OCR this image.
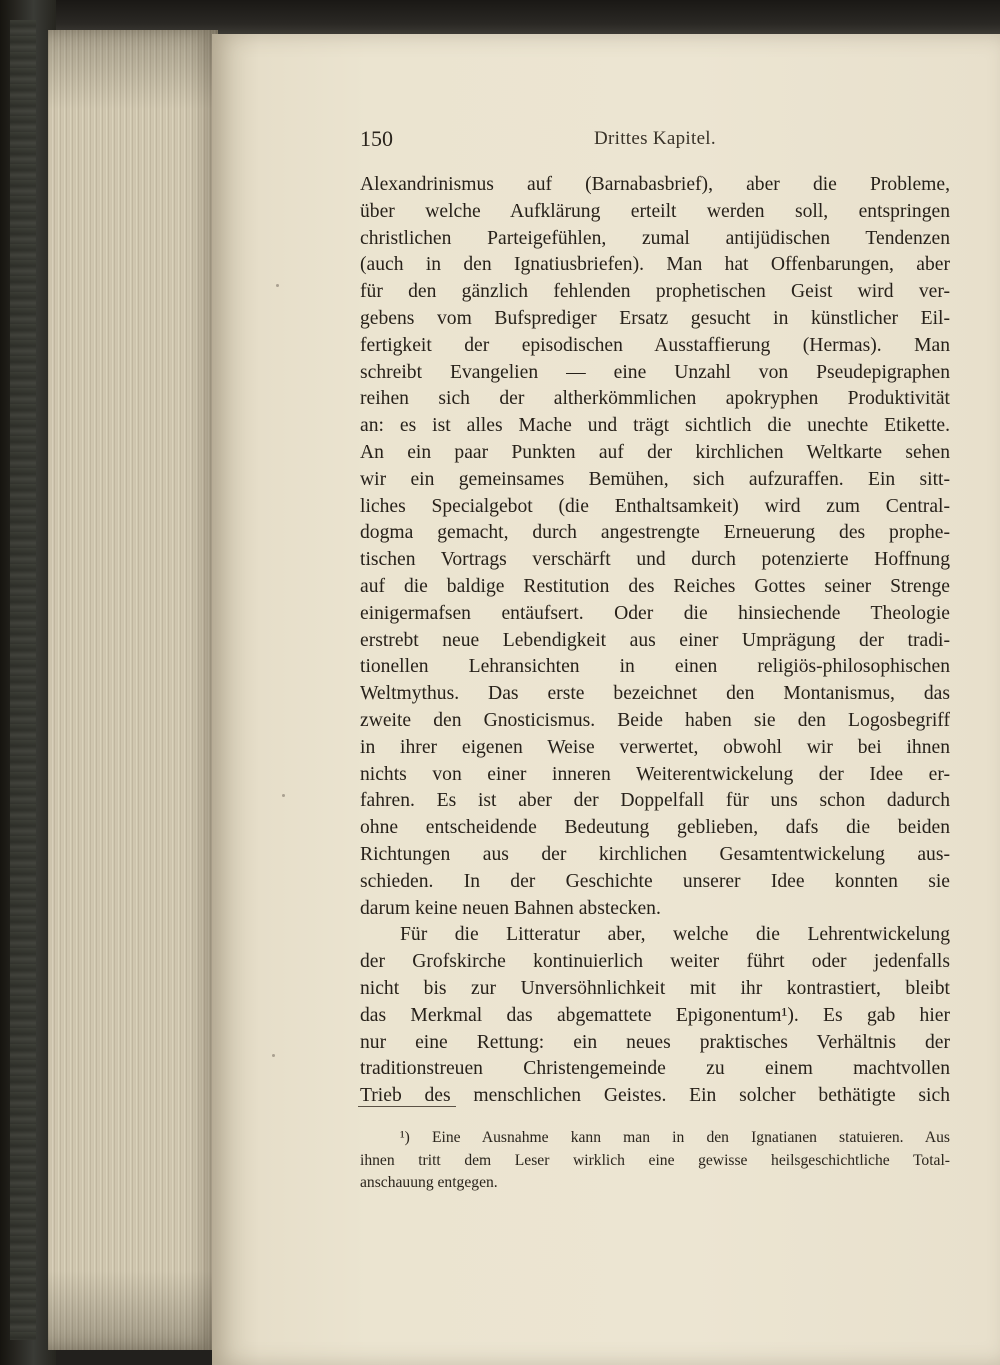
150	Drittes Kapitel.
Alexandrinismus auf (Barnabasbrief), aber die Probleme,
über welche Aufklärung erteilt werden soll, entspringen
christlichen Parteigefühlen, zumal antijüdischen Tendenzen
(auch in den Ignatiusbriefen). Man hat Offenbarungen, aber
für den gänzlich fehlenden prophetischen Geist wird ver-
gebens vom Bufsprediger Ersatz gesucht in künstlicher Eil-
fertigkeit der episodischen Ausstaffierung (Hermas). Man
schreibt Evangelien — eine Unzahl von Pseudepigraphen
reihen sich der altherkömmlichen apokryphen Produktivität
an: es ist alles Mache und trägt sichtlich die unechte Etikette.
An ein paar Punkten auf der kirchlichen Weltkarte sehen
wir ein gemeinsames Bemühen, sich aufzuraffen. Ein sitt-
liches Specialgebot (die Enthaltsamkeit) wird zum Central-
dogma gemacht, durch angestrengte Erneuerung des prophe-
tischen Vortrags verschärft und durch potenzierte Hoffnung
auf die baldige Restitution des Reiches Gottes seiner Strenge
einigermafsen entäufsert. Oder die hinsiechende Theologie
erstrebt neue Lebendigkeit aus einer Umprägung der tradi-
tionellen Lehransichten in einen religiös-philosophischen
Weltmythus. Das erste bezeichnet den Montanismus, das
zweite den Gnosticismus. Beide haben sie den Logosbegriff
in ihrer eigenen Weise verwertet, obwohl wir bei ihnen
nichts von einer inneren Weiterentwickelung der Idee er-
fahren. Es ist aber der Doppelfall für uns schon dadurch
ohne entscheidende Bedeutung geblieben, dafs die beiden
Richtungen aus der kirchlichen Gesamtentwickelung aus-
schieden. In der Geschichte unserer Idee konnten sie
darum keine neuen Bahnen abstecken.
Für die Litteratur aber, welche die Lehrentwickelung
der Grofskirche kontinuierlich weiter führt oder jedenfalls
nicht bis zur Unversöhnlichkeit mit ihr kontrastiert, bleibt
das Merkmal das abgemattete Epigonentum¹). Es gab hier
nur eine Rettung: ein neues praktisches Verhältnis der
traditionstreuen Christengemeinde zu einem machtvollen
Trieb des menschlichen Geistes. Ein solcher bethätigte sich
¹) Eine Ausnahme kann man in den Ignatianen statuieren. Aus
ihnen tritt dem Leser wirklich eine gewisse heilsgeschichtliche Total-
anschauung entgegen.
